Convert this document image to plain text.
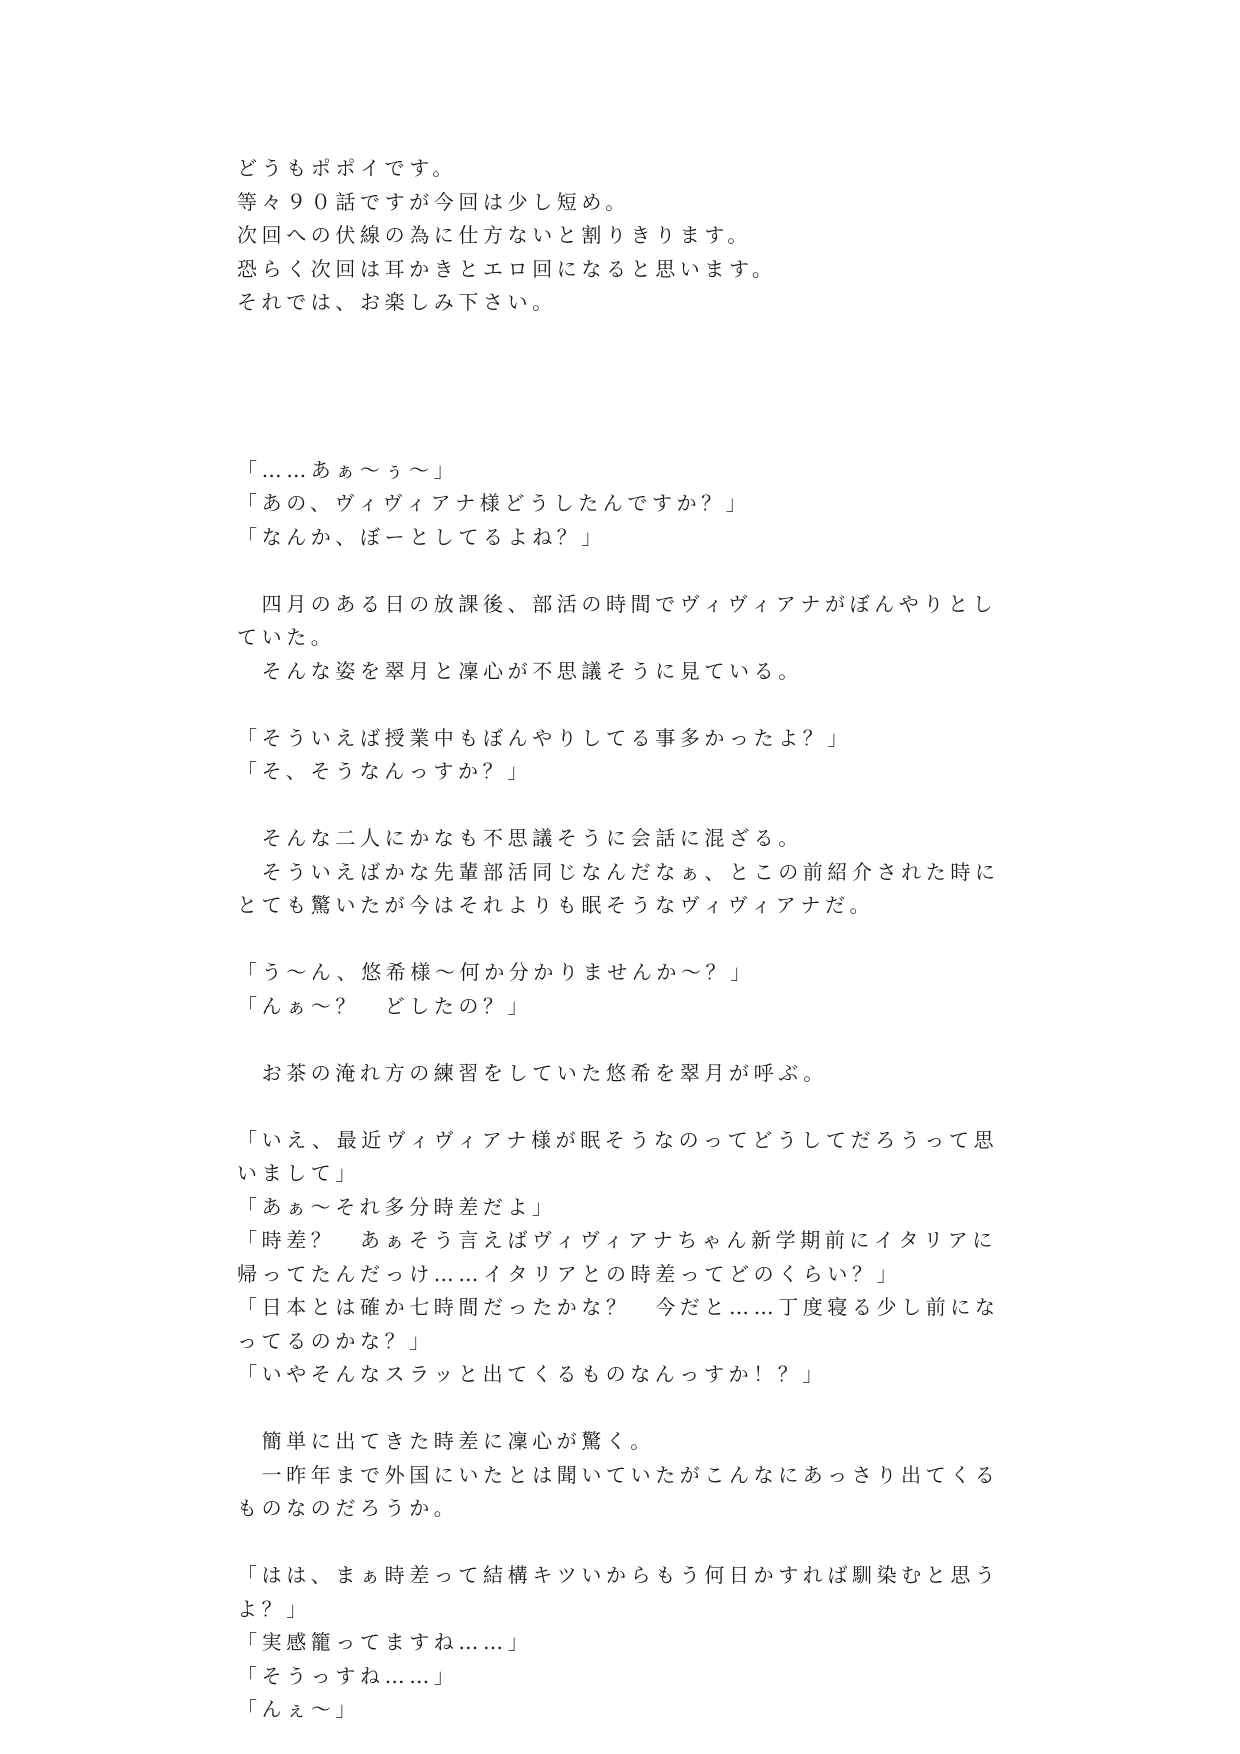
どうもポポイです。
等々９０話ですが今回は少し短め。
次回への伏線の為に仕方ないと割りきります。
恐らく次回は耳かきとエロ回になると思います。
それでは、お楽しみ下さい。
「……あぁ〜ぅ〜」
「あの、ヴィヴィアナ様どうしたんですか？」
「なんか、ぼーとしてるよね？」
　四月のある日の放課後、部活の時間でヴィヴィアナがぼんやりとしていた。
　そんな姿を翠月と凜心が不思議そうに見ている。
「そういえば授業中もぼんやりしてる事多かったよ？」
「そ、そうなんっすか？」
　そんな二人にかなも不思議そうに会話に混ざる。
　そういえばかな先輩部活同じなんだなぁ、とこの前紹介された時にとても驚いたが今はそれよりも眠そうなヴィヴィアナだ。
「う〜ん、悠希様〜何か分かりませんか〜？」
「んぁ〜？　どしたの？」
　お茶の淹れ方の練習をしていた悠希を翠月が呼ぶ。
「いえ、最近ヴィヴィアナ様が眠そうなのってどうしてだろうって思いまして」
「あぁ〜それ多分時差だよ」
「時差？　あぁそう言えばヴィヴィアナちゃん新学期前にイタリアに帰ってたんだっけ……イタリアとの時差ってどのくらい？」
「日本とは確か七時間だったかな？　今だと……丁度寝る少し前になってるのかな？」
「いやそんなスラッと出てくるものなんっすか！？」
　簡単に出てきた時差に凜心が驚く。
　一昨年まで外国にいたとは聞いていたがこんなにあっさり出てくるものなのだろうか。
「はは、まぁ時差って結構キツいからもう何日かすれば馴染むと思うよ？」
「実感籠ってますね……」
「そうっすね……」
「んぇ〜」
